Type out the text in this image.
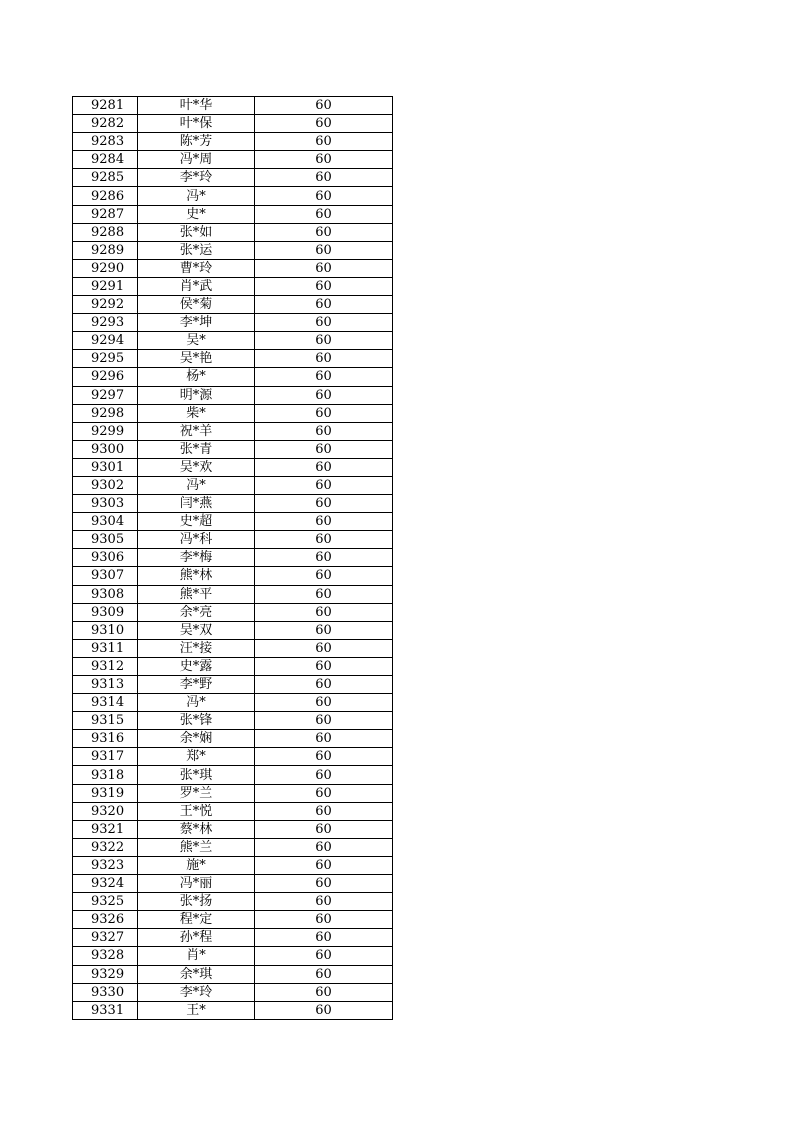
9281	叶*华	60
9282	叶*保	60
9283	陈*芳	60
9284	冯*周	60
9285	李*玲	60
9286	冯*	60
9287	史*	60
9288	张*如	60
9289	张*运	60
9290	曹*玲	60
9291	肖*武	60
9292	侯*菊	60
9293	李*坤	60
9294	吴*	60
9295	吴*艳	60
9296	杨*	60
9297	明*源	60
9298	柴*	60
9299	祝*羊	60
9300	张*青	60
9301	吴*欢	60
9302	冯*	60
9303	闫*燕	60
9304	史*超	60
9305	冯*科	60
9306	李*梅	60
9307	熊*林	60
9308	熊*平	60
9309	余*亮	60
9310	吴*双	60
9311	汪*接	60
9312	史*露	60
9313	李*野	60
9314	冯*	60
9315	张*锋	60
9316	余*娴	60
9317	郑*	60
9318	张*琪	60
9319	罗*兰	60
9320	王*悦	60
9321	蔡*林	60
9322	熊*兰	60
9323	施*	60
9324	冯*丽	60
9325	张*扬	60
9326	程*定	60
9327	孙*程	60
9328	肖*	60
9329	余*琪	60
9330	李*玲	60
9331	王*	60
